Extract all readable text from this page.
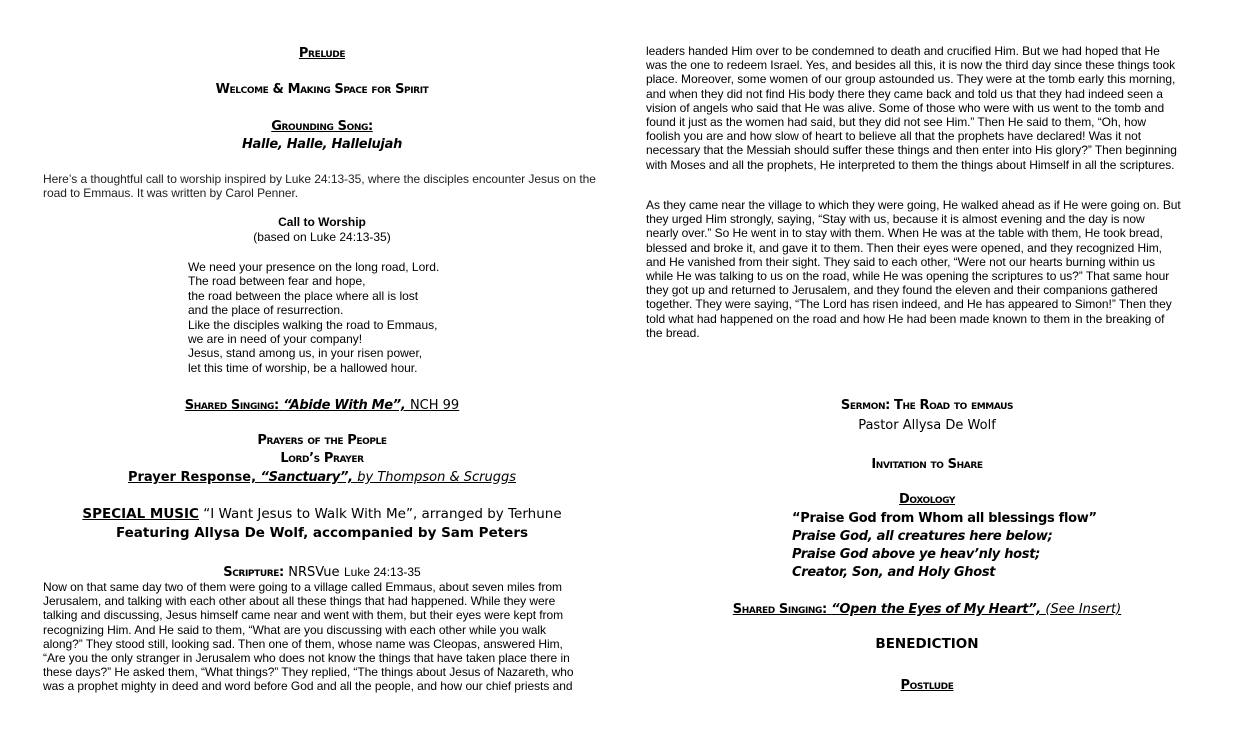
Prelude
Welcome & Making Space for Spirit
Grounding Song:
Halle, Halle, Hallelujah
Here’s a thoughtful call to worship inspired by Luke 24:13-35, where the disciples encounter Jesus on the road to Emmaus. It was written by Carol Penner.
Call to Worship
(based on Luke 24:13-35)
We need your presence on the long road, Lord.
The road between fear and hope,
the road between the place where all is lost
and the place of resurrection.
Like the disciples walking the road to Emmaus,
we are in need of your company!
Jesus, stand among us, in your risen power,
let this time of worship, be a hallowed hour.
Shared Singing: “Abide With Me”, NCH 99
Prayers of the People
Lord’s Prayer
Prayer Response, “Sanctuary”, by Thompson & Scruggs
SPECIAL MUSIC “I Want Jesus to Walk With Me”, arranged by Terhune
Featuring Allysa De Wolf, accompanied by Sam Peters
Scripture: NRSVue Luke 24:13-35
Now on that same day two of them were going to a village called Emmaus, about seven miles from
Jerusalem, and talking with each other about all these things that had happened. While they were
talking and discussing, Jesus himself came near and went with them, but their eyes were kept from
recognizing Him. And He said to them, “What are you discussing with each other while you walk
along?” They stood still, looking sad. Then one of them, whose name was Cleopas, answered Him,
“Are you the only stranger in Jerusalem who does not know the things that have taken place there in
these days?” He asked them, “What things?” They replied, “The things about Jesus of Nazareth, who
was a prophet mighty in deed and word before God and all the people, and how our chief priests and
leaders handed Him over to be condemned to death and crucified Him. But we had hoped that He
was the one to redeem Israel. Yes, and besides all this, it is now the third day since these things took
place. Moreover, some women of our group astounded us. They were at the tomb early this morning,
and when they did not find His body there they came back and told us that they had indeed seen a
vision of angels who said that He was alive. Some of those who were with us went to the tomb and
found it just as the women had said, but they did not see Him.” Then He said to them, “Oh, how
foolish you are and how slow of heart to believe all that the prophets have declared! Was it not
necessary that the Messiah should suffer these things and then enter into His glory?” Then beginning
with Moses and all the prophets, He interpreted to them the things about Himself in all the scriptures.
As they came near the village to which they were going, He walked ahead as if He were going on. But
they urged Him strongly, saying, “Stay with us, because it is almost evening and the day is now
nearly over.” So He went in to stay with them. When He was at the table with them, He took bread,
blessed and broke it, and gave it to them. Then their eyes were opened, and they recognized Him,
and He vanished from their sight. They said to each other, “Were not our hearts burning within us
while He was talking to us on the road, while He was opening the scriptures to us?” That same hour
they got up and returned to Jerusalem, and they found the eleven and their companions gathered
together. They were saying, “The Lord has risen indeed, and He has appeared to Simon!” Then they
told what had happened on the road and how He had been made known to them in the breaking of
the bread.
Sermon: The Road to emmaus
Pastor Allysa De Wolf
Invitation to Share
Doxology
“Praise God from Whom all blessings flow”
Praise God, all creatures here below;
Praise God above ye heav’nly host;
Creator, Son, and Holy Ghost
Shared Singing: “Open the Eyes of My Heart”, (See Insert)
BENEDICTION
Postlude
